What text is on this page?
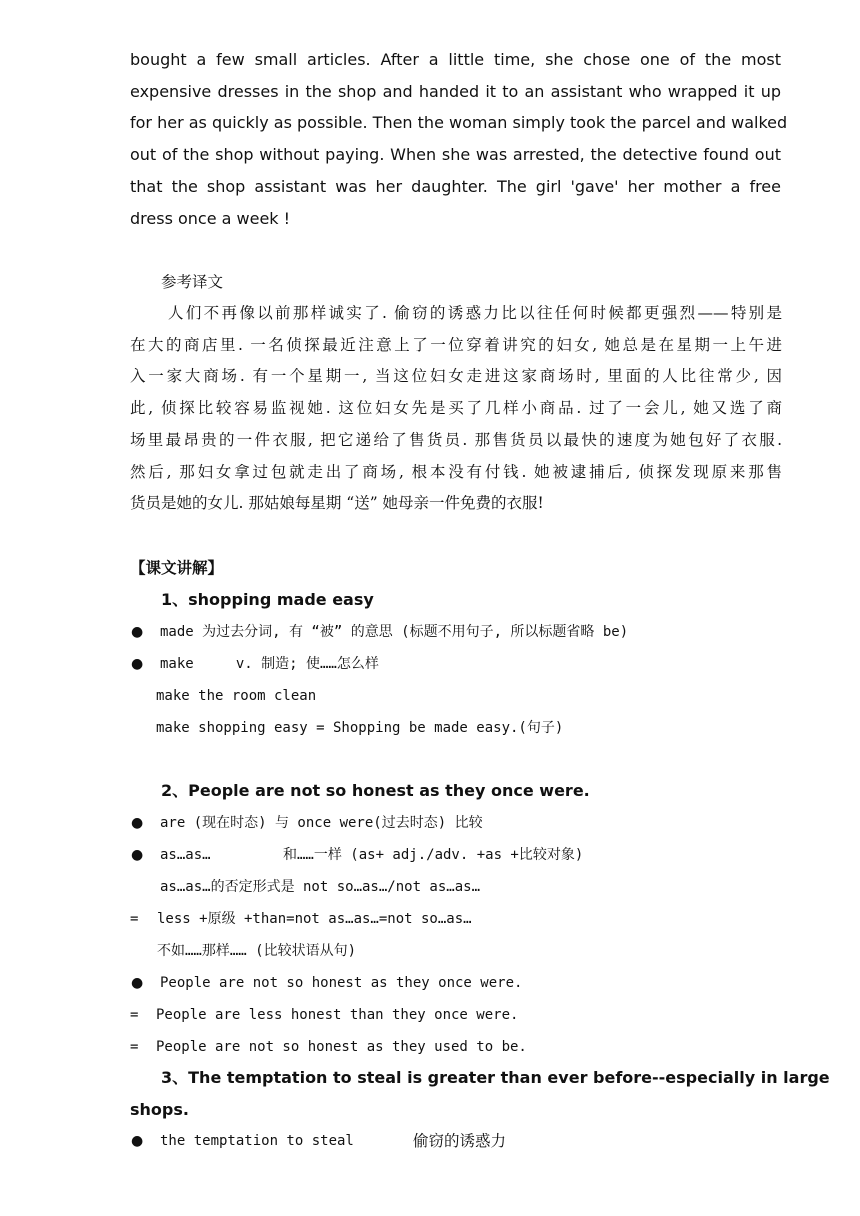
bought a few small articles. After a little time, she chose one of the most
expensive dresses in the shop and handed it to an assistant who wrapped it up
for her as quickly as possible. Then the woman simply took the parcel and walked
out of the shop without paying. When she was arrested, the detective found out
that the shop assistant was her daughter. The girl 'gave' her mother a free
dress once a week !
参考译文
人们不再像以前那样诚实了. 偷窃的诱惑力比以往任何时候都更强烈——特别是
在大的商店里. 一名侦探最近注意上了一位穿着讲究的妇女, 她总是在星期一上午进
入一家大商场. 有一个星期一, 当这位妇女走进这家商场时, 里面的人比往常少, 因
此, 侦探比较容易监视她. 这位妇女先是买了几样小商品. 过了一会儿, 她又选了商
场里最昂贵的一件衣服, 把它递给了售货员. 那售货员以最快的速度为她包好了衣服.
然后, 那妇女拿过包就走出了商场, 根本没有付钱. 她被逮捕后, 侦探发现原来那售
货员是她的女儿. 那姑娘每星期 “送” 她母亲一件免费的衣服!
【课文讲解】
1、shopping made easy
● made 为过去分词, 有 “被” 的意思 (标题不用句子, 所以标题省略 be)
● make     v. 制造; 使……怎么样
make the room clean
make shopping easy = Shopping be made easy.(句子)
2、People are not so honest as they once were.
● are (现在时态) 与 once were(过去时态) 比较
● as…as…	和……一样 (as+ adj./adv. +as +比较对象)
as…as…的否定形式是 not so…as…/not as…as…
= less +原级 +than=not as…as…=not so…as…
不如……那样…… (比较状语从句)
● People are not so honest as they once were.
= People are less honest than they once were.
= People are not so honest as they used to be.
3、The temptation to steal is greater than ever before--especially in large
shops.
● the temptation to steal	偷窃的诱惑力
